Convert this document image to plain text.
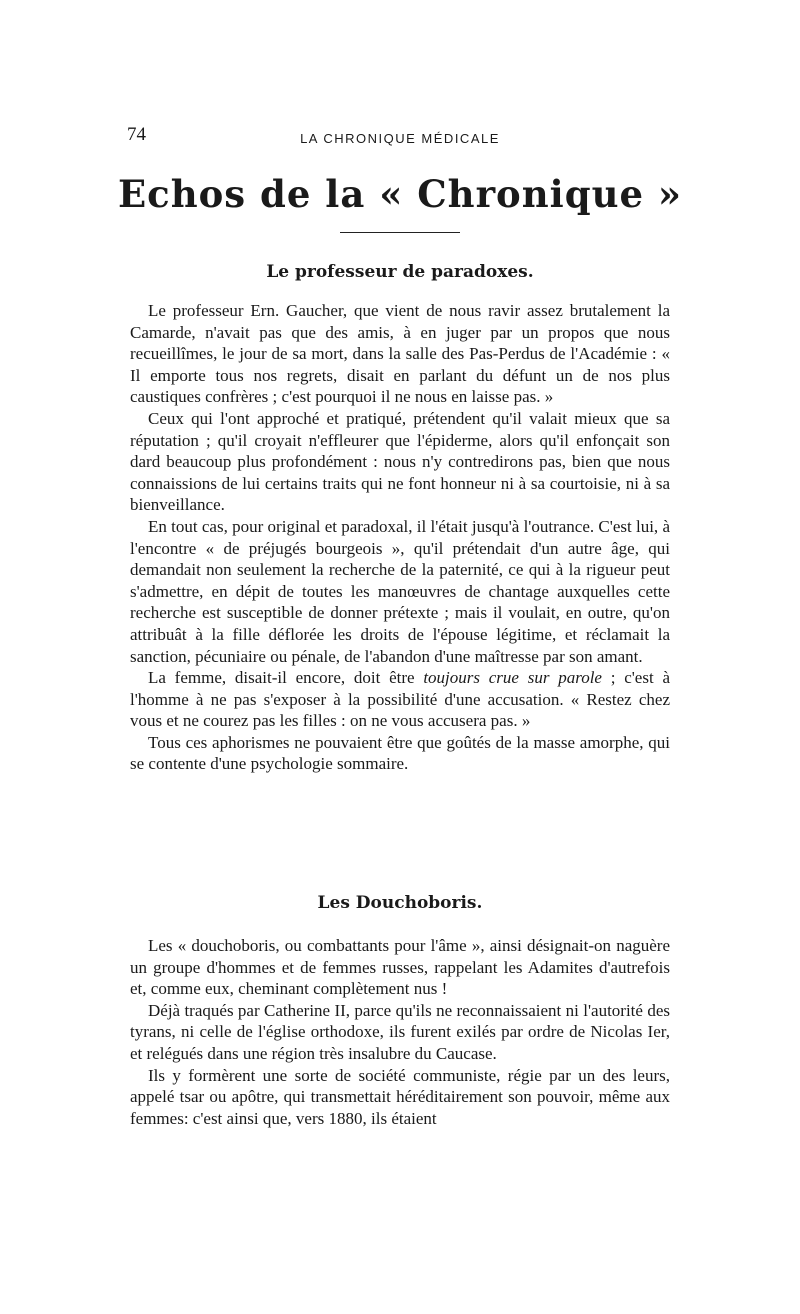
74	LA CHRONIQUE MÉDICALE
Echos de la « Chronique »
Le professeur de paradoxes.

Le professeur Ern. Gaucher, que vient de nous ravir assez brutalement la Camarde, n'avait pas que des amis, à en juger par un propos que nous recueillîmes, le jour de sa mort, dans la salle des Pas-Perdus de l'Académie : « Il emporte tous nos regrets, disait en parlant du défunt un de nos plus caustiques confrères ; c'est pourquoi il ne nous en laisse pas. »

Ceux qui l'ont approché et pratiqué, prétendent qu'il valait mieux que sa réputation ; qu'il croyait n'effleurer que l'épiderme, alors qu'il enfonçait son dard beaucoup plus profondément : nous n'y contredirons pas, bien que nous connaissions de lui certains traits qui ne font honneur ni à sa courtoisie, ni à sa bienveillance.

En tout cas, pour original et paradoxal, il l'était jusqu'à l'outrance. C'est lui, à l'encontre « de préjugés bourgeois », qu'il prétendait d'un autre âge, qui demandait non seulement la recherche de la paternité, ce qui à la rigueur peut s'admettre, en dépit de toutes les manœuvres de chantage auxquelles cette recherche est susceptible de donner prétexte ; mais il voulait, en outre, qu'on attribuât à la fille déflorée les droits de l'épouse légitime, et réclamait la sanction, pécuniaire ou pénale, de l'abandon d'une maîtresse par son amant.

La femme, disait-il encore, doit être toujours crue sur parole ; c'est à l'homme à ne pas s'exposer à la possibilité d'une accusation. « Restez chez vous et ne courez pas les filles : on ne vous accusera pas. »

Tous ces aphorismes ne pouvaient être que goûtés de la masse amorphe, qui se contente d'une psychologie sommaire.

Les Douchoboris.

Les « douchoboris, ou combattants pour l'âme », ainsi désignait-on naguère un groupe d'hommes et de femmes russes, rappelant les Adamites d'autrefois et, comme eux, cheminant complètement nus !

Déjà traqués par Catherine II, parce qu'ils ne reconnaissaient ni l'autorité des tyrans, ni celle de l'église orthodoxe, ils furent exilés par ordre de Nicolas Ier, et relégués dans une région très insalubre du Caucase.

Ils y formèrent une sorte de société communiste, régie par un des leurs, appelé tsar ou apôtre, qui transmettait héréditairement son pouvoir, même aux femmes: c'est ainsi que, vers 1880, ils étaient
